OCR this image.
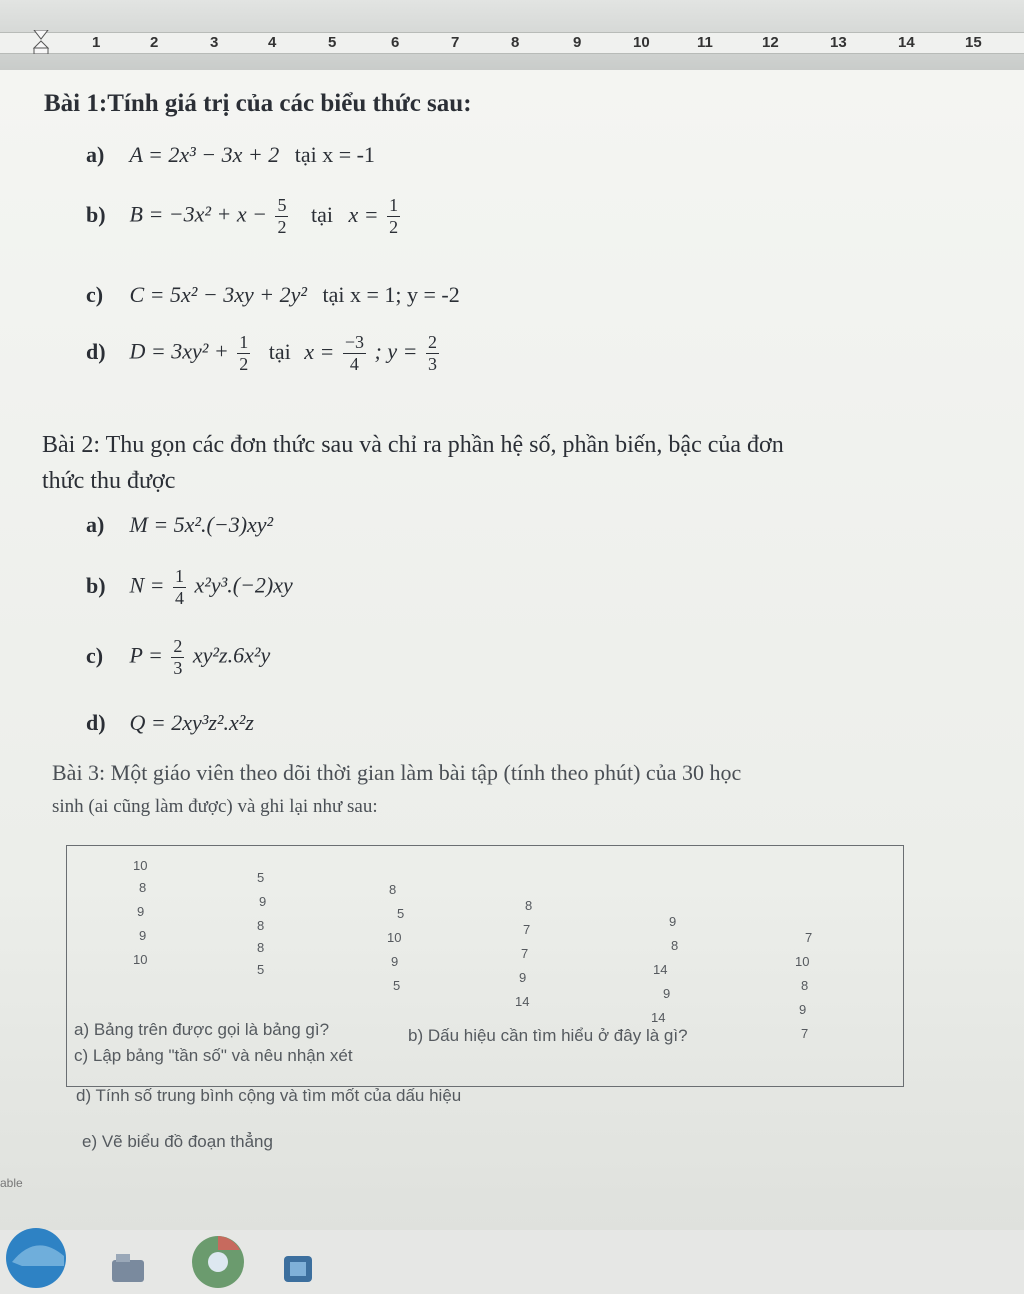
1	2	3	4	5	6	7	8	9	10	11	12	13	14	15
Bài 1:Tính giá trị của các biểu thức sau:
a) A = 2x³ − 3x + 2 tại x = -1
b) $B = -3x^2 + x - \frac{5}{2}$ tại $x = \frac{1}{2}$
c) C = 5x² − 3xy + 2y² tại x = 1; y = -2
d) $D = 3xy^2 + \frac{1}{2}$ tại $x = \frac{-3}{4}$ ; $y = \frac{2}{3}$
Bài 2: Thu gọn các đơn thức sau và chỉ ra phần hệ số, phần biến, bậc của đơn
thức thu được
a) M = 5x².(−3)xy²
b) $N = \frac{1}{4} x^2y^3.(-2)xy$
c) $P = \frac{2}{3} xy^2z.6x^2y$
d) Q = 2xy³z².x²z
Bài 3: Một giáo viên theo dõi thời gian làm bài tập (tính theo phút) của 30 học
sinh (ai cũng làm được) và ghi lại như sau:
10
8
9
9
10
5
9
8
8
5
8
5
10
9
5
8
7
7
9
14
9
8
14
9
14
7
10
8
9
7
a) Bảng trên được gọi là bảng gì?	b) Dấu hiệu cần tìm hiểu ở đây là gì?
c) Lập bảng "tần số" và nêu nhận xét
d) Tính số trung bình cộng và tìm mốt của dấu hiệu
e) Vẽ biểu đồ đoạn thẳng
able
